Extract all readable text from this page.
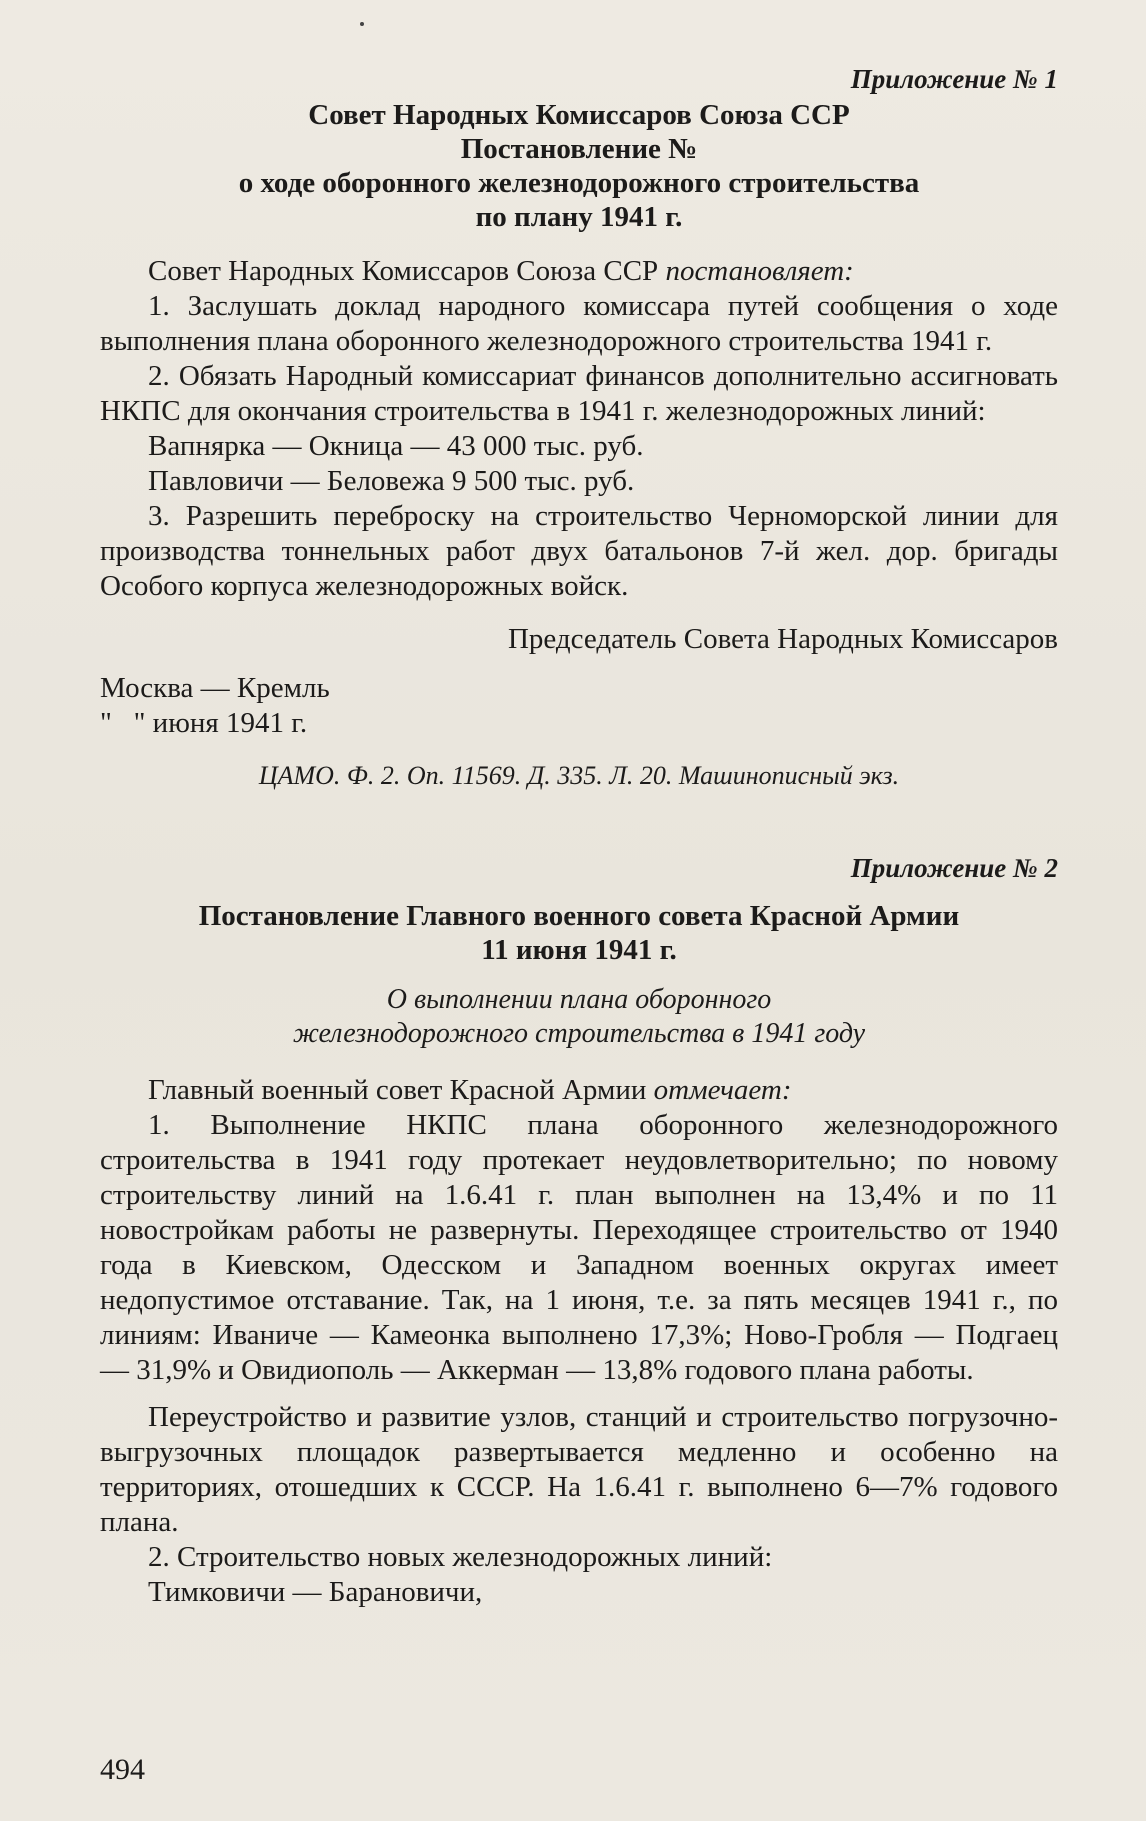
Приложение № 1
Совет Народных Комиссаров Союза ССР
Постановление №
о ходе оборонного железнодорожного строительства
по плану 1941 г.

Совет Народных Комиссаров Союза ССР постановляет:

1. Заслушать доклад народного комиссара путей сообщения о ходе выполнения плана оборонного железнодорожного строительства 1941 г.

2. Обязать Народный комиссариат финансов дополнительно ассигновать НКПС для окончания строительства в 1941 г. железнодорожных линий:

Вапнярка — Окница — 43 000 тыс. руб.

Павловичи — Беловежа 9 500 тыс. руб.

3. Разрешить переброску на строительство Черноморской линии для производства тоннельных работ двух батальонов 7-й жел. дор. бригады Особого корпуса железнодорожных войск.

Председатель Совета Народных Комиссаров

Москва — Кремль

"   " июня 1941 г.

ЦАМО. Ф. 2. Оп. 11569. Д. 335. Л. 20. Машинописный экз.
Приложение № 2
Постановление Главного военного совета Красной Армии
11 июня 1941 г.
О выполнении плана оборонного
железнодорожного строительства в 1941 году

Главный военный совет Красной Армии отмечает:

1. Выполнение НКПС плана оборонного железнодорожного строительства в 1941 году протекает неудовлетворительно; по новому строительству линий на 1.6.41 г. план выполнен на 13,4% и по 11 новостройкам работы не развернуты. Переходящее строительство от 1940 года в Киевском, Одесском и Западном военных округах имеет недопустимое отставание. Так, на 1 июня, т.е. за пять месяцев 1941 г., по линиям: Иваниче — Камеонка выполнено 17,3%; Ново-Гробля — Подгаец — 31,9% и Овидиополь — Аккерман — 13,8% годового плана работы.

Переустройство и развитие узлов, станций и строительство погрузочно-выгрузочных площадок развертывается медленно и особенно на территориях, отошедших к СССР. На 1.6.41 г. выполнено 6—7% годового плана.

2. Строительство новых железнодорожных линий:

Тимковичи — Барановичи,

494
